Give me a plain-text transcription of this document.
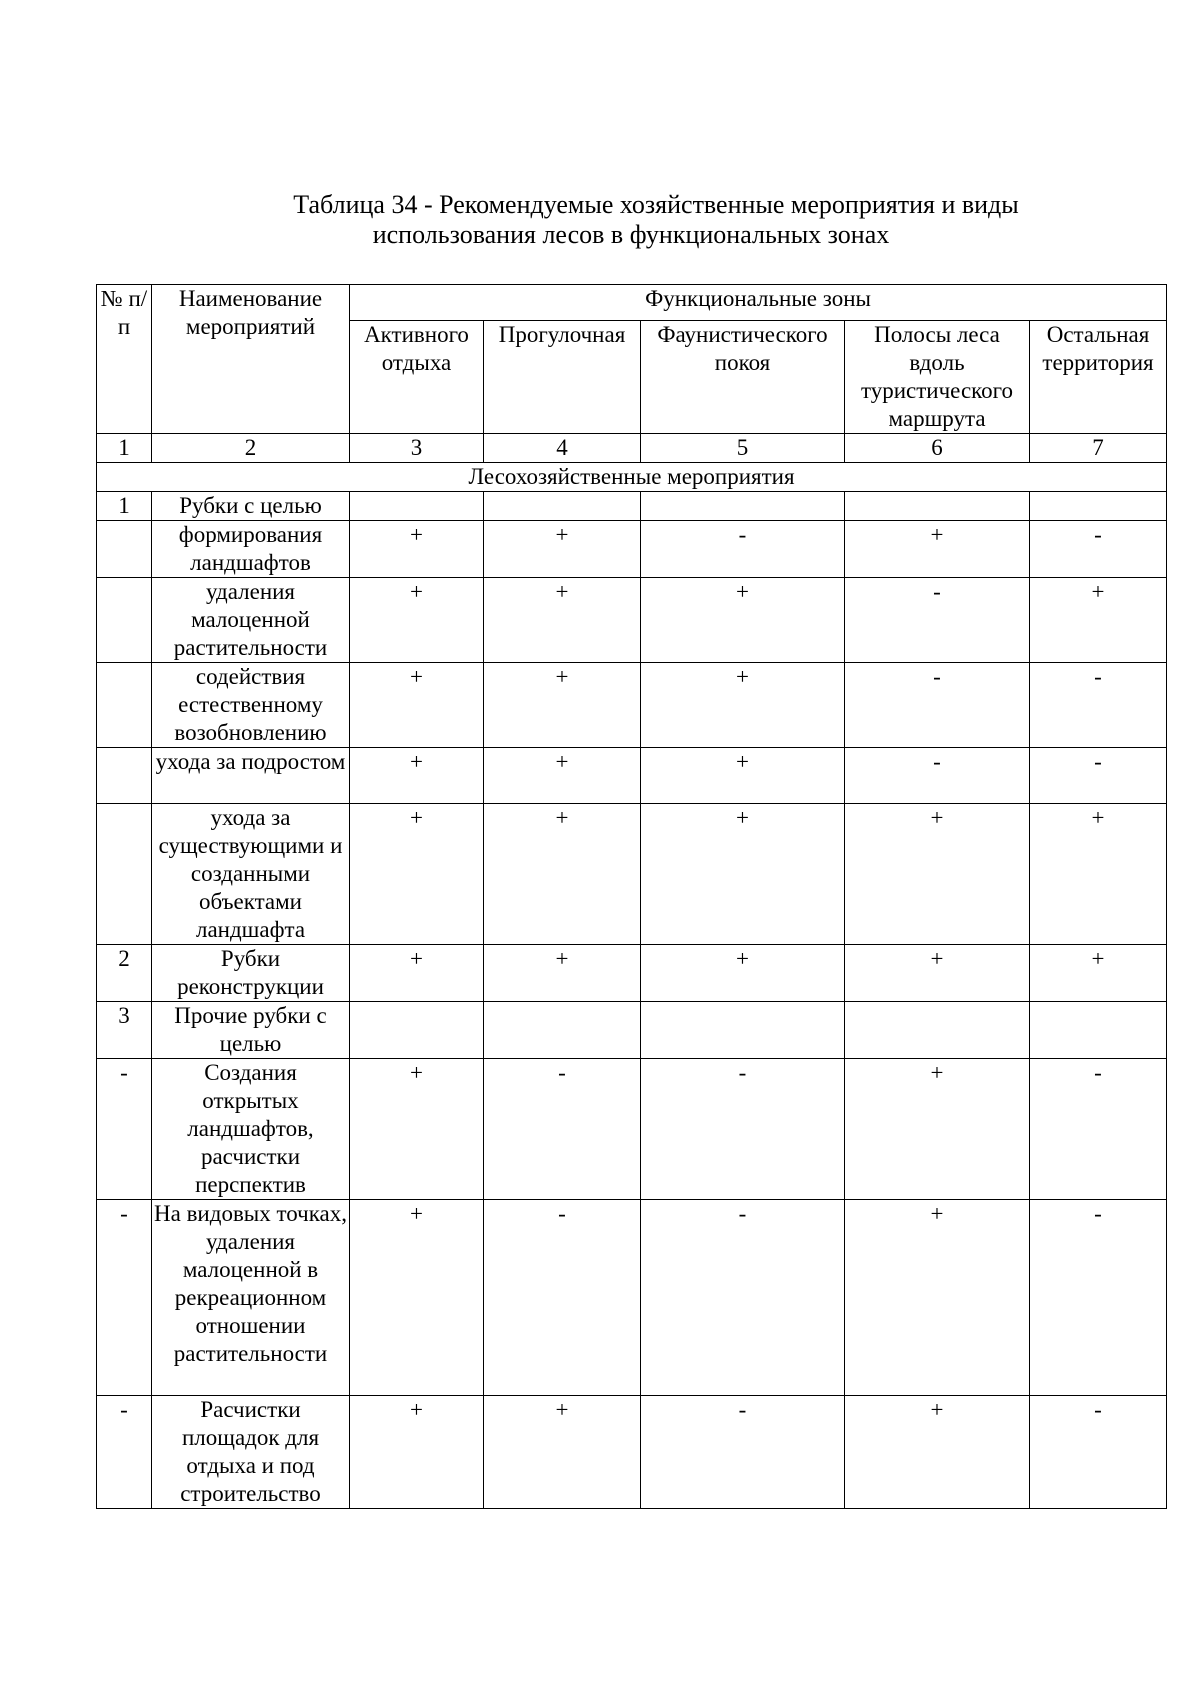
Таблица 34 - Рекомендуемые хозяйственные мероприятия и виды
использования лесов в функциональных зонах
№ п/п	Наименование мероприятий	Функциональные зоны				
		Активного отдыха	Прогулочная	Фаунистического покоя	Полосы леса вдоль туристического маршрута	Остальная территория
1	2	3	4	5	6	7
Лесохозяйственные мероприятия						
1	Рубки с целью					
	формирования ландшафтов	+	+	-	+	-
	удаления малоценной растительности	+	+	+	-	+
	содействия естественному возобновлению	+	+	+	-	-
	ухода за подростом	+	+	+	-	-
	ухода за существующими и созданными объектами ландшафта	+	+	+	+	+
2	Рубки реконструкции	+	+	+	+	+
3	Прочие рубки с целью					
-	Создания открытых ландшафтов, расчистки перспектив	+	-	-	+	-
-	На видовых точках, удаления малоценной в рекреационном отношении растительности	+	-	-	+	-
-	Расчистки площадок для отдыха и под строительство	+	+	-	+	-
